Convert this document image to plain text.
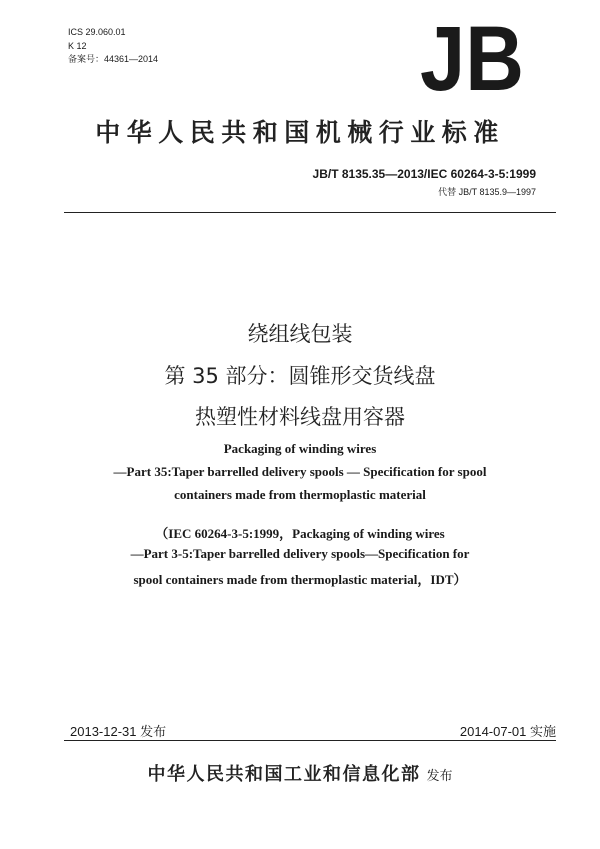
ICS 29.060.01
K 12
备案号：44361—2014	JB
中华人民共和国机械行业标准
JB/T 8135.35—2013/IEC 60264-3-5:1999
代替 JB/T 8135.9—1997
绕组线包装
第 35 部分：圆锥形交货线盘
热塑性材料线盘用容器
Packaging of winding wires
—Part 35:Taper barrelled delivery spools — Specification for spool
containers made from thermoplastic material
（IEC 60264-3-5:1999，Packaging of winding wires
—Part 3-5:Taper barrelled delivery spools—Specification for
spool containers made from thermoplastic material，IDT）
2013-12-31 发布	2014-07-01 实施
中华人民共和国工业和信息化部 发布
